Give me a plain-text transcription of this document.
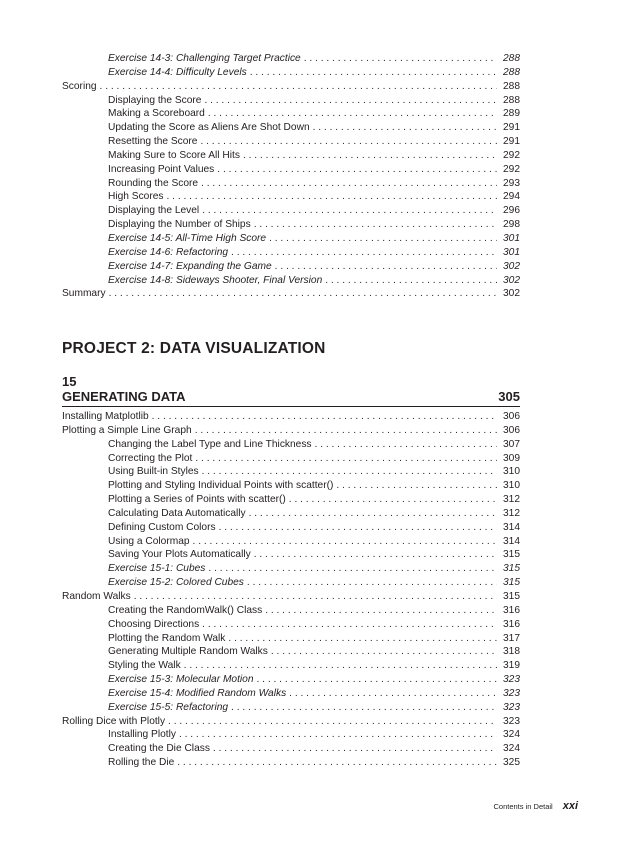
Exercise 14-3: Challenging Target Practice . . .	288
Exercise 14-4: Difficulty Levels . . .	288
Scoring . . .	288
Displaying the Score . . .	288
Making a Scoreboard . . .	289
Updating the Score as Aliens Are Shot Down . . .	291
Resetting the Score . . .	291
Making Sure to Score All Hits . . .	292
Increasing Point Values . . .	292
Rounding the Score . . .	293
High Scores . . .	294
Displaying the Level . . .	296
Displaying the Number of Ships . . .	298
Exercise 14-5: All-Time High Score . . .	301
Exercise 14-6: Refactoring . . .	301
Exercise 14-7: Expanding the Game . . .	302
Exercise 14-8: Sideways Shooter, Final Version . . .	302
Summary . . .	302
PROJECT 2: DATA VISUALIZATION
15
GENERATING DATA	305
Installing Matplotlib . . .	306
Plotting a Simple Line Graph . . .	306
Changing the Label Type and Line Thickness . . .	307
Correcting the Plot . . .	309
Using Built-in Styles . . .	310
Plotting and Styling Individual Points with scatter() . . .	310
Plotting a Series of Points with scatter() . . .	312
Calculating Data Automatically . . .	312
Defining Custom Colors . . .	314
Using a Colormap . . .	314
Saving Your Plots Automatically . . .	315
Exercise 15-1: Cubes . . .	315
Exercise 15-2: Colored Cubes . . .	315
Random Walks . . .	315
Creating the RandomWalk() Class . . .	316
Choosing Directions . . .	316
Plotting the Random Walk . . .	317
Generating Multiple Random Walks . . .	318
Styling the Walk . . .	319
Exercise 15-3: Molecular Motion . . .	323
Exercise 15-4: Modified Random Walks . . .	323
Exercise 15-5: Refactoring . . .	323
Rolling Dice with Plotly . . .	323
Installing Plotly . . .	324
Creating the Die Class . . .	324
Rolling the Die . . .	325
Contents in Detail xxi
